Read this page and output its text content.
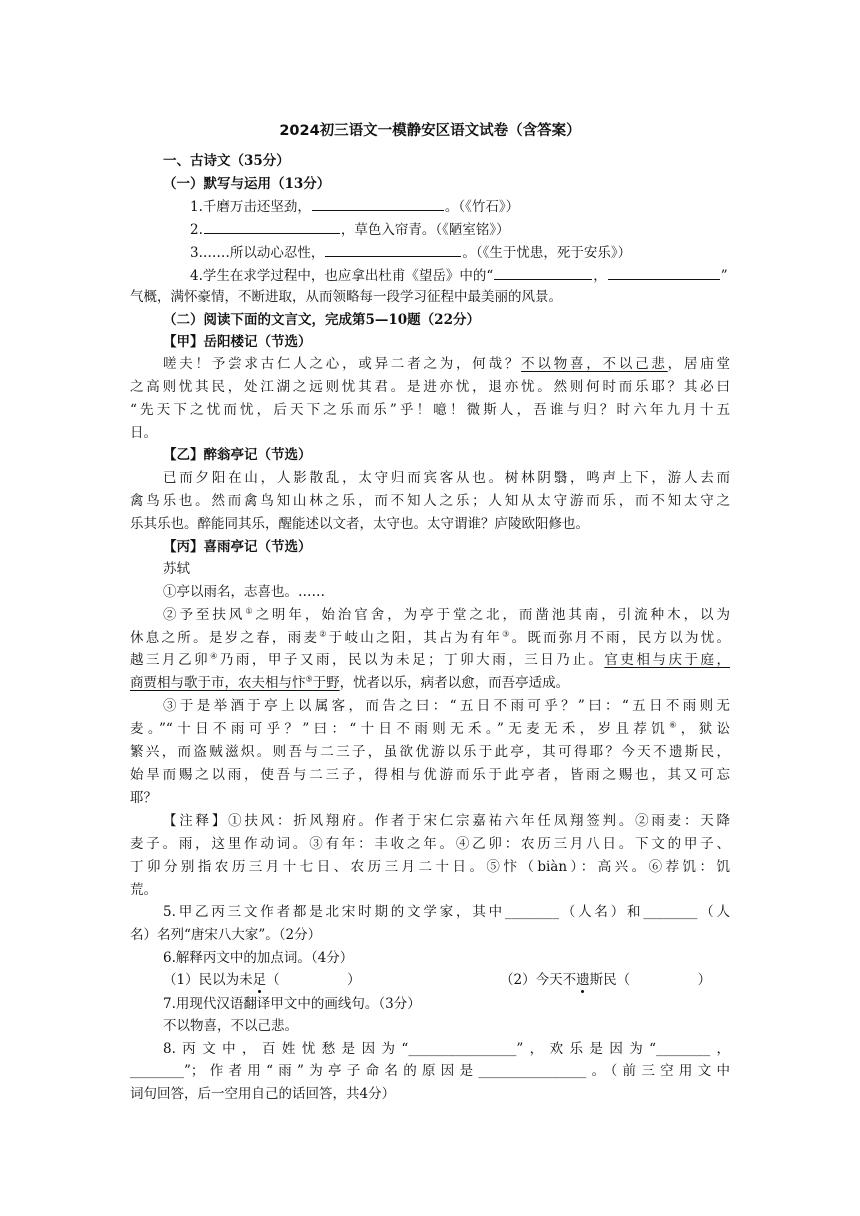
2024初三语文一模静安区语文试卷（含答案）
一、古诗文（35分）
（一）默写与运用（13分）
1.千磨万击还坚劲，	。（《竹石》）
2.	，草色入帘青。（《陋室铭》）
3.……所以动心忍性，	。（《生于忧患，死于安乐》）
4.学生在求学过程中，也应拿出杜甫《望岳》中的“	，	”
气概，满怀豪情，不断进取，从而领略每一段学习征程中最美丽的风景。
（二）阅读下面的文言文，完成第5—10题（22分）
【甲】岳阳楼记（节选）
嗟夫！予尝求古仁人之心，或异二者之为，何哉？不以物喜，不以己悲，居庙堂
之高则忧其民，处江湖之远则忧其君。是进亦忧，退亦忧。然则何时而乐耶？其必曰
“先天下之忧而忧，后天下之乐而乐”乎！噫！微斯人，吾谁与归？时六年九月十五
日。
【乙】醉翁亭记（节选）
已而夕阳在山，人影散乱，太守归而宾客从也。树林阴翳，鸣声上下，游人去而
禽鸟乐也。然而禽鸟知山林之乐，而不知人之乐；人知从太守游而乐，而不知太守之
乐其乐也。醉能同其乐，醒能述以文者，太守也。太守谓谁？庐陵欧阳修也。
【丙】喜雨亭记（节选）
苏轼
①亭以雨名，志喜也。……
②予至扶风①之明年，始治官舍，为亭于堂之北，而凿池其南，引流种木，以为
休息之所。是岁之春，雨麦②于岐山之阳，其占为有年③。既而弥月不雨，民方以为忧。
越三月乙卯④乃雨，甲子又雨，民以为未足；丁卯大雨，三日乃止。官吏相与庆于庭，
商贾相与歌于市，农夫相与忭⑤于野，忧者以乐，病者以愈，而吾亭适成。
③于是举酒于亭上以属客，而告之曰：“五日不雨可乎？”曰：“五日不雨则无
麦。”“十日不雨可乎？”曰：“十日不雨则无禾。”无麦无禾，岁且荐饥⑥，狱讼
繁兴，而盗贼滋炽。则吾与二三子，虽欲优游以乐于此亭，其可得耶？今天不遗斯民，
始旱而赐之以雨，使吾与二三子，得相与优游而乐于此亭者，皆雨之赐也，其又可忘
耶？
【注释】①扶风：折风翔府。作者于宋仁宗嘉祐六年任凤翔签判。②雨麦：天降
麦子。雨，这里作动词。③有年：丰收之年。④乙卯：农历三月八日。下文的甲子、
丁卯分别指农历三月十七日、农历三月二十日。⑤忭（biàn）：高兴。⑥荐饥：饥
荒。
5.甲乙丙三文作者都是北宋时期的文学家，其中________（人名）和________（人
名）名列“唐宋八大家”。（2分）
6.解释丙文中的加点词。（4分）
（1）民以为未足（　　　　　）	（2）今天不遗斯民（　　　　　）
7.用现代汉语翻译甲文中的画线句。（3分）
不以物喜，不以己悲。
8.丙文中，百姓忧愁是因为“________________”，欢乐是因为“________，
________”；作者用“雨”为亭子命名的原因是________________。（前三空用文中
词句回答，后一空用自己的话回答，共4分）
